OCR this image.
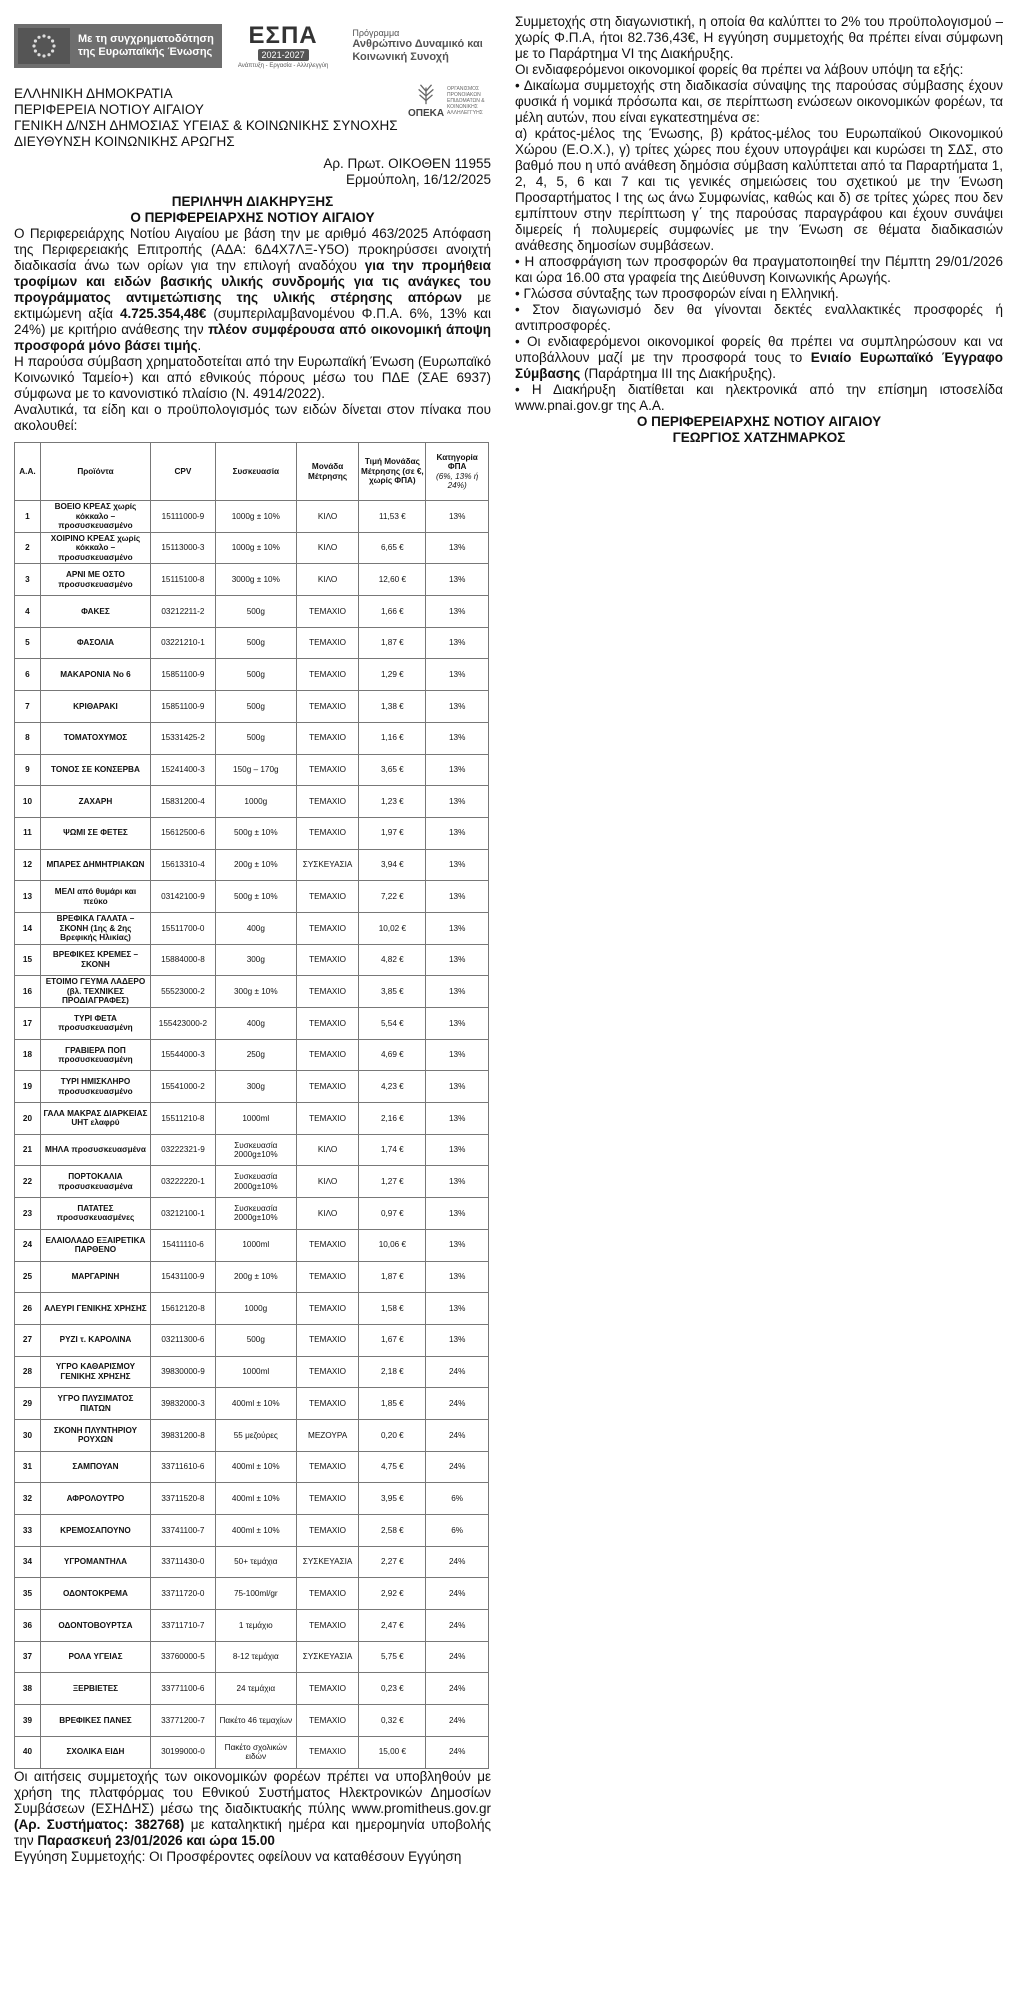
Με τη συγχρηματοδότηση
της Ευρωπαϊκής Ένωσης
ΕΣΠΑ
2021-2027
Ανάπτυξη - Εργασία - Αλληλεγγύη
Πρόγραμμα
Ανθρώπινο Δυναμικό και
Κοινωνική Συνοχή
ΕΛΛΗΝΙΚΗ ΔΗΜΟΚΡΑΤΙΑ
ΠΕΡΙΦΕΡΕΙΑ ΝΟΤΙΟΥ ΑΙΓΑΙΟΥ
ΓΕΝΙΚΗ Δ/ΝΣΗ ΔΗΜΟΣΙΑΣ ΥΓΕΙΑΣ & ΚΟΙΝΩΝΙΚΗΣ ΣΥΝΟΧΗΣ
ΔΙΕΥΘΥΝΣΗ ΚΟΙΝΩΝΙΚΗΣ ΑΡΩΓΗΣ
ΟΠΕΚΑ
ΟΡΓΑΝΙΣΜΟΣ ΠΡΟΝΟΙΑΚΩΝ ΕΠΙΔΟΜΑΤΩΝ & ΚΟΙΝΩΝΙΚΗΣ ΑΛΛΗΛΕΓΓΥΗΣ
Αρ. Πρωτ. ΟΙΚΟΘΕΝ 11955
Ερμούπολη, 16/12/2025
ΠΕΡΙΛΗΨΗ ΔΙΑΚΗΡΥΞΗΣ
Ο ΠΕΡΙΦΕΡΕΙΑΡΧΗΣ ΝΟΤΙΟΥ ΑΙΓΑΙΟΥ

Ο Περιφερειάρχης Νοτίου Αιγαίου με βάση την με αριθμό 463/2025 Απόφαση της Περιφερειακής Επιτροπής (ΑΔΑ: 6Δ4Χ7ΛΞ-Υ5Ο) προκηρύσσει ανοιχτή διαδικασία άνω των ορίων για την επιλογή αναδόχου για την προμήθεια τροφίμων και ειδών βασικής υλικής συνδρομής για τις ανάγκες του προγράμματος αντιμετώπισης της υλικής στέρησης απόρων με εκτιμώμενη αξία 4.725.354,48€ (συμπεριλαμβανομένου Φ.Π.Α. 6%, 13% και 24%) με κριτήριο ανάθεσης την πλέον συμφέρουσα από οικονομική άποψη προσφορά μόνο βάσει τιμής.

Η παρούσα σύμβαση χρηματοδοτείται από την Ευρωπαϊκή Ένωση (Ευρωπαϊκό Κοινωνικό Ταμείο+) και από εθνικούς πόρους μέσω του ΠΔΕ (ΣΑΕ 6937) σύμφωνα με το κανονιστικό πλαίσιο (Ν. 4914/2022).

Αναλυτικά, τα είδη και ο προϋπολογισμός των ειδών δίνεται στον πίνακα που ακολουθεί:

Α.Α.	Προϊόντα	CPV	Συσκευασία	Μονάδα Μέτρησης	Τιμή Μονάδας Μέτρησης (σε €, χωρίς ΦΠΑ)	Κατηγορία ΦΠΑ
(6%, 13% ή 24%)
1	ΒΟΕΙΟ ΚΡΕΑΣ χωρίς κόκκαλο – προσυσκευασμένο	15111000-9	1000g ± 10%	ΚΙΛΟ	11,53 €	13%
2	ΧΟΙΡΙΝΟ ΚΡΕΑΣ χωρίς κόκκαλο – προσυσκευασμένο	15113000-3	1000g ± 10%	ΚΙΛΟ	6,65 €	13%
3	ΑΡΝΙ ΜΕ ΟΣΤΟ προσυσκευασμένο	15115100-8	3000g ± 10%	ΚΙΛΟ	12,60 €	13%
4	ΦΑΚΕΣ	03212211-2	500g	ΤΕΜΑΧΙΟ	1,66 €	13%
5	ΦΑΣΟΛΙΑ	03221210-1	500g	ΤΕΜΑΧΙΟ	1,87 €	13%
6	ΜΑΚΑΡΟΝΙΑ Νο 6	15851100-9	500g	ΤΕΜΑΧΙΟ	1,29 €	13%
7	ΚΡΙΘΑΡΑΚΙ	15851100-9	500g	ΤΕΜΑΧΙΟ	1,38 €	13%
8	ΤΟΜΑΤΟΧΥΜΟΣ	15331425-2	500g	ΤΕΜΑΧΙΟ	1,16 €	13%
9	ΤΟΝΟΣ ΣΕ ΚΟΝΣΕΡΒΑ	15241400-3	150g – 170g	ΤΕΜΑΧΙΟ	3,65 €	13%
10	ΖΑΧΑΡΗ	15831200-4	1000g	ΤΕΜΑΧΙΟ	1,23 €	13%
11	ΨΩΜΙ ΣΕ ΦΕΤΕΣ	15612500-6	500g ± 10%	ΤΕΜΑΧΙΟ	1,97 €	13%
12	ΜΠΑΡΕΣ ΔΗΜΗΤΡΙΑΚΩΝ	15613310-4	200g ± 10%	ΣΥΣΚΕΥΑΣΙΑ	3,94 €	13%
13	ΜΕΛΙ από θυμάρι και πεύκο	03142100-9	500g ± 10%	ΤΕΜΑΧΙΟ	7,22 €	13%
14	ΒΡΕΦΙΚΑ ΓΑΛΑΤΑ – ΣΚΟΝΗ (1ης & 2ης Βρεφικής Ηλικίας)	15511700-0	400g	ΤΕΜΑΧΙΟ	10,02 €	13%
15	ΒΡΕΦΙΚΕΣ ΚΡΕΜΕΣ – ΣΚΟΝΗ	15884000-8	300g	ΤΕΜΑΧΙΟ	4,82 €	13%
16	ΕΤΟΙΜΟ ΓΕΥΜΑ ΛΑΔΕΡΟ (βλ. ΤΕΧΝΙΚΕΣ ΠΡΟΔΙΑΓΡΑΦΕΣ)	55523000-2	300g ± 10%	ΤΕΜΑΧΙΟ	3,85 €	13%
17	ΤΥΡΙ ΦΕΤΑ προσυσκευασμένη	155423000-2	400g	ΤΕΜΑΧΙΟ	5,54 €	13%
18	ΓΡΑΒΙΕΡΑ ΠΟΠ προσυσκευασμένη	15544000-3	250g	ΤΕΜΑΧΙΟ	4,69 €	13%
19	ΤΥΡΙ ΗΜΙΣΚΛΗΡΟ προσυσκευασμένο	15541000-2	300g	ΤΕΜΑΧΙΟ	4,23 €	13%
20	ΓΑΛΑ ΜΑΚΡΑΣ ΔΙΑΡΚΕΙΑΣ UHT ελαφρύ	15511210-8	1000ml	ΤΕΜΑΧΙΟ	2,16 €	13%
21	ΜΗΛΑ προσυσκευασμένα	03222321-9	Συσκευασία 2000g±10%	ΚΙΛΟ	1,74 €	13%
22	ΠΟΡΤΟΚΑΛΙΑ προσυσκευασμένα	03222220-1	Συσκευασία 2000g±10%	ΚΙΛΟ	1,27 €	13%
23	ΠΑΤΑΤΕΣ προσυσκευασμένες	03212100-1	Συσκευασία 2000g±10%	ΚΙΛΟ	0,97 €	13%
24	ΕΛΑΙΟΛΑΔΟ ΕΞΑΙΡΕΤΙΚΑ ΠΑΡΘΕΝΟ	15411110-6	1000ml	ΤΕΜΑΧΙΟ	10,06 €	13%
25	ΜΑΡΓΑΡΙΝΗ	15431100-9	200g ± 10%	ΤΕΜΑΧΙΟ	1,87 €	13%
26	ΑΛΕΥΡΙ ΓΕΝΙΚΗΣ ΧΡΗΣΗΣ	15612120-8	1000g	ΤΕΜΑΧΙΟ	1,58 €	13%
27	ΡΥΖΙ τ. ΚΑΡΟΛΙΝΑ	03211300-6	500g	ΤΕΜΑΧΙΟ	1,67 €	13%
28	ΥΓΡΟ ΚΑΘΑΡΙΣΜΟΥ ΓΕΝΙΚΗΣ ΧΡΗΣΗΣ	39830000-9	1000ml	ΤΕΜΑΧΙΟ	2,18 €	24%
29	ΥΓΡΟ ΠΛΥΣΙΜΑΤΟΣ ΠΙΑΤΩΝ	39832000-3	400ml ± 10%	ΤΕΜΑΧΙΟ	1,85 €	24%
30	ΣΚΟΝΗ ΠΛΥΝΤΗΡΙΟΥ ΡΟΥΧΩΝ	39831200-8	55 μεζούρες	ΜΕΖΟΥΡΑ	0,20 €	24%
31	ΣΑΜΠΟΥΑΝ	33711610-6	400ml ± 10%	ΤΕΜΑΧΙΟ	4,75 €	24%
32	ΑΦΡΟΛΟΥΤΡΟ	33711520-8	400ml ± 10%	ΤΕΜΑΧΙΟ	3,95 €	6%
33	ΚΡΕΜΟΣΑΠΟΥΝΟ	33741100-7	400ml ± 10%	ΤΕΜΑΧΙΟ	2,58 €	6%
34	ΥΓΡΟΜΑΝΤΗΛΑ	33711430-0	50+ τεμάχια	ΣΥΣΚΕΥΑΣΙΑ	2,27 €	24%
35	ΟΔΟΝΤΟΚΡΕΜΑ	33711720-0	75-100ml/gr	ΤΕΜΑΧΙΟ	2,92 €	24%
36	ΟΔΟΝΤΟΒΟΥΡΤΣΑ	33711710-7	1 τεμάχιο	ΤΕΜΑΧΙΟ	2,47 €	24%
37	ΡΟΛΑ ΥΓΕΙΑΣ	33760000-5	8-12 τεμάχια	ΣΥΣΚΕΥΑΣΙΑ	5,75 €	24%
38	ΞΕΡΒΙΕΤΕΣ	33771100-6	24 τεμάχια	ΤΕΜΑΧΙΟ	0,23 €	24%
39	ΒΡΕΦΙΚΕΣ ΠΑΝΕΣ	33771200-7	Πακέτο 46 τεμαχίων	ΤΕΜΑΧΙΟ	0,32 €	24%
40	ΣΧΟΛΙΚΑ ΕΙΔΗ	30199000-0	Πακέτο σχολικών ειδών	ΤΕΜΑΧΙΟ	15,00 €	24%

Οι αιτήσεις συμμετοχής των οικονομικών φορέων πρέπει να υποβληθούν με χρήση της πλατφόρμας του Εθνικού Συστήματος Ηλεκτρονικών Δημοσίων Συμβάσεων (ΕΣΗΔΗΣ) μέσω της διαδικτυακής πύλης www.promitheus.gov.gr (Αρ. Συστήματος: 382768) με καταληκτική ημέρα και ημερομηνία υποβολής την Παρασκευή 23/01/2026 και ώρα 15.00

Εγγύηση Συμμετοχής: Οι Προσφέροντες οφείλουν να καταθέσουν Εγγύηση

Συμμετοχής στη διαγωνιστική, η οποία θα καλύπτει το 2% του προϋπολογισμού – χωρίς Φ.Π.Α, ήτοι 82.736,43€, Η εγγύηση συμμετοχής θα πρέπει είναι σύμφωνη με το Παράρτημα VI της Διακήρυξης.

Οι ενδιαφερόμενοι οικονομικοί φορείς θα πρέπει να λάβουν υπόψη τα εξής:

• Δικαίωμα συμμετοχής στη διαδικασία σύναψης της παρούσας σύμβασης έχουν φυσικά ή νομικά πρόσωπα και, σε περίπτωση ενώσεων οικονομικών φορέων, τα μέλη αυτών, που είναι εγκατεστημένα σε:

α) κράτος-μέλος της Ένωσης, β) κράτος-μέλος του Ευρωπαϊκού Οικονομικού Χώρου (Ε.Ο.Χ.), γ) τρίτες χώρες που έχουν υπογράψει και κυρώσει τη ΣΔΣ, στο βαθμό που η υπό ανάθεση δημόσια σύμβαση καλύπτεται από τα Παραρτήματα 1, 2, 4, 5, 6 και 7 και τις γενικές σημειώσεις του σχετικού με την Ένωση Προσαρτήματος I της ως άνω Συμφωνίας, καθώς και δ) σε τρίτες χώρες που δεν εμπίπτουν στην περίπτωση γ΄ της παρούσας παραγράφου και έχουν συνάψει διμερείς ή πολυμερείς συμφωνίες με την Ένωση σε θέματα διαδικασιών ανάθεσης δημοσίων συμβάσεων.

• Η αποσφράγιση των προσφορών θα πραγματοποιηθεί την Πέμπτη 29/01/2026 και ώρα 16.00 στα γραφεία της Διεύθυνση Κοινωνικής Αρωγής.

• Γλώσσα σύνταξης των προσφορών είναι η Ελληνική.

• Στον διαγωνισμό δεν θα γίνονται δεκτές εναλλακτικές προσφορές ή αντιπροσφορές.

• Οι ενδιαφερόμενοι οικονομικοί φορείς θα πρέπει να συμπληρώσουν και να υποβάλλουν μαζί με την προσφορά τους το Ενιαίο Ευρωπαϊκό Έγγραφο Σύμβασης (Παράρτημα III της Διακήρυξης).

• Η Διακήρυξη διατίθεται και ηλεκτρονικά από την επίσημη ιστοσελίδα www.pnai.gov.gr της Α.Α.

Ο ΠΕΡΙΦΕΡΕΙΑΡΧΗΣ ΝΟΤΙΟΥ ΑΙΓΑΙΟΥ
ΓΕΩΡΓΙΟΣ ΧΑΤΖΗΜΑΡΚΟΣ
